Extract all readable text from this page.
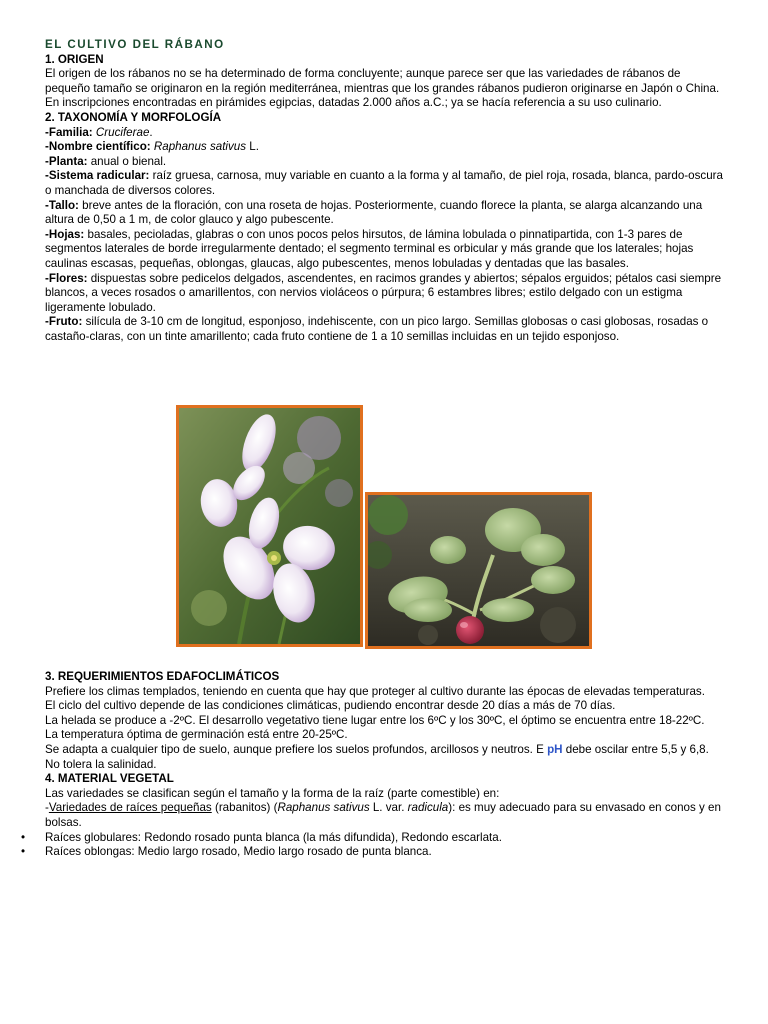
EL CULTIVO DEL RÁBANO
1. ORIGEN

El origen de los rábanos no se ha determinado de forma concluyente; aunque parece ser que las variedades de rábanos de pequeño tamaño se originaron en la región mediterránea, mientras que los grandes rábanos pudieron originarse en Japón o China.

En inscripciones encontradas en pirámides egipcias, datadas 2.000 años a.C.; ya se hacía referencia a su uso culinario.

2. TAXONOMÍA Y MORFOLOGÍA

-Familia: Cruciferae.

-Nombre científico: Raphanus sativus L.

-Planta: anual o bienal.

-Sistema radicular: raíz gruesa, carnosa, muy variable en cuanto a la forma y al tamaño, de piel roja, rosada, blanca, pardo-oscura o manchada de diversos colores.

-Tallo: breve antes de la floración, con una roseta de hojas. Posteriormente, cuando florece la planta, se alarga alcanzando una altura de 0,50 a 1 m, de color glauco y algo pubescente.

-Hojas: basales, pecioladas, glabras o con unos pocos pelos hirsutos, de lámina lobulada o pinnatipartida, con 1-3 pares de segmentos laterales de borde irregularmente dentado; el segmento terminal es orbicular y más grande que los laterales; hojas caulinas escasas, pequeñas, oblongas, glaucas, algo pubescentes, menos lobuladas y dentadas que las basales.

-Flores: dispuestas sobre pedicelos delgados, ascendentes, en racimos grandes y abiertos; sépalos erguidos; pétalos casi siempre blancos, a veces rosados o amarillentos, con nervios violáceos o púrpura; 6 estambres libres; estilo delgado con un estigma ligeramente lobulado.

-Fruto: silícula de 3-10 cm de longitud, esponjoso, indehiscente, con un pico largo. Semillas globosas o casi globosas, rosadas o castaño-claras, con un tinte amarillento; cada fruto contiene de 1 a 10 semillas incluidas en un tejido esponjoso.

3. REQUERIMIENTOS EDAFOCLIMÁTICOS

Prefiere los climas templados, teniendo en cuenta que hay que proteger al cultivo durante las épocas de elevadas temperaturas.

El ciclo del cultivo depende de las condiciones climáticas, pudiendo encontrar desde 20 días a más de 70 días.

La helada se produce a -2ºC. El desarrollo vegetativo tiene lugar entre los 6ºC y los 30ºC, el óptimo se encuentra entre 18-22ºC.

La temperatura óptima de germinación está entre 20-25ºC.

Se adapta a cualquier tipo de suelo, aunque prefiere los suelos profundos, arcillosos y neutros. E pH debe oscilar entre 5,5 y 6,8.

No tolera la salinidad.

4. MATERIAL VEGETAL

Las variedades se clasifican según el tamaño y la forma de la raíz (parte comestible) en:

-Variedades de raíces pequeñas (rabanitos) (Raphanus sativus L. var. radicula): es muy adecuado para su envasado en conos y en bolsas.

• Raíces globulares: Redondo rosado punta blanca (la más difundida), Redondo escarlata.
• Raíces oblongas: Medio largo rosado, Medio largo rosado de punta blanca.
